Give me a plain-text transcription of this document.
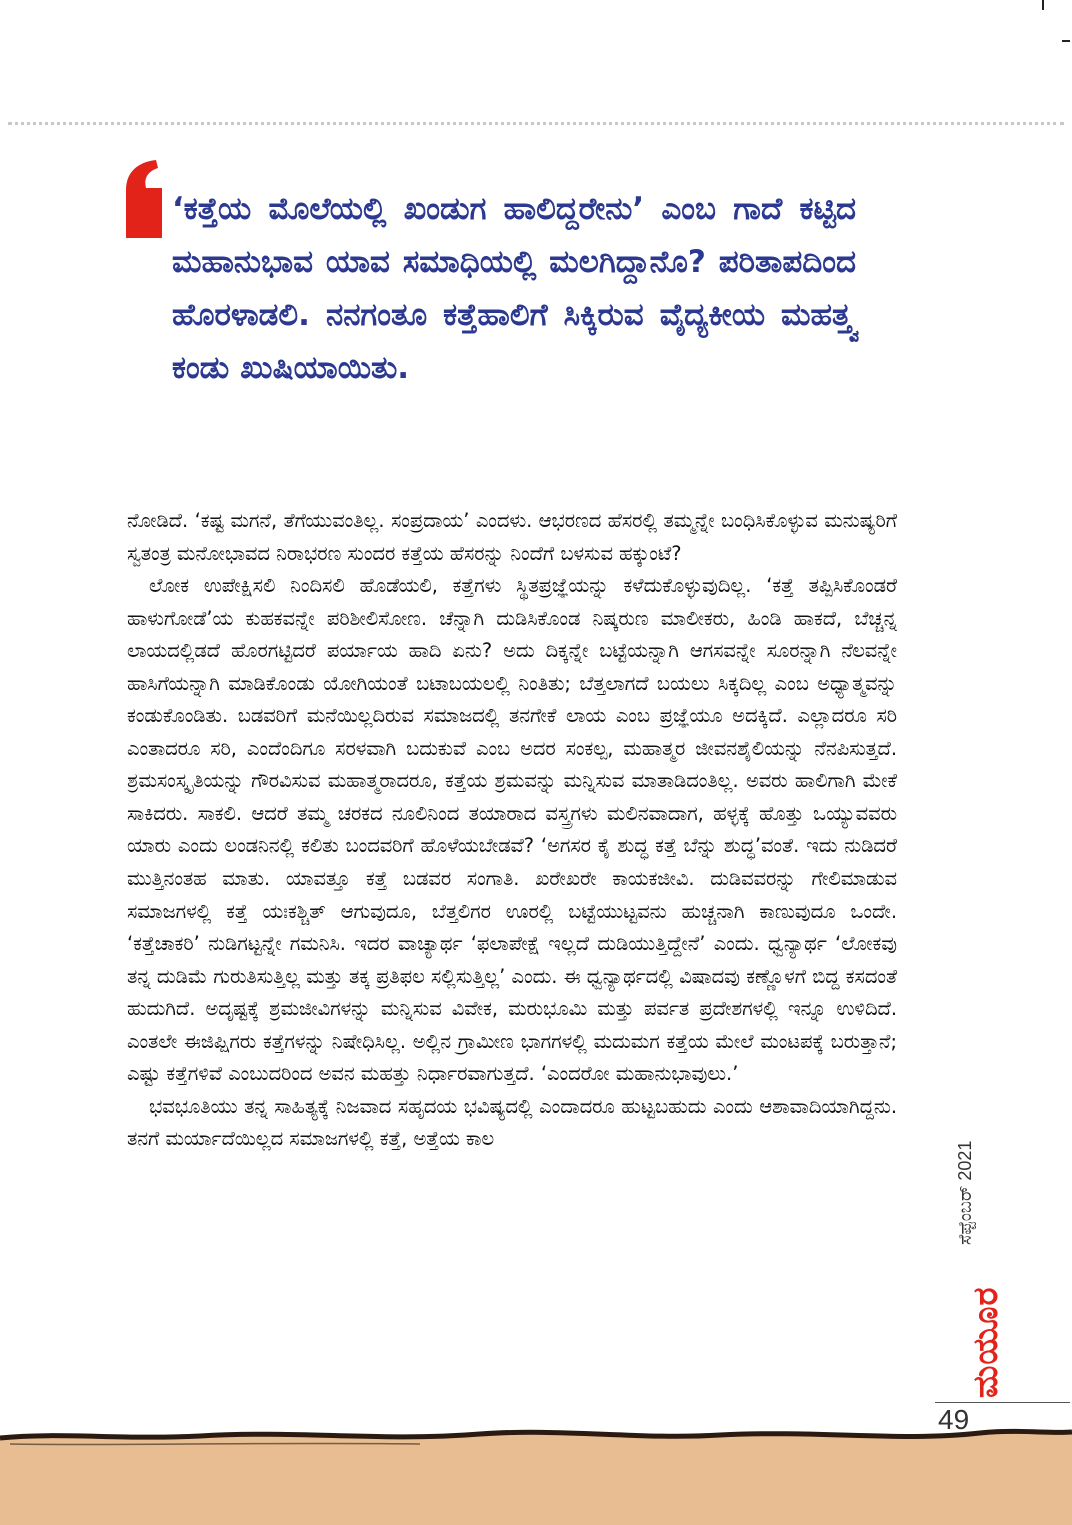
‘ಕತ್ತೆಯ ಮೊಲೆಯಲ್ಲಿ ಖಂಡುಗ ಹಾಲಿದ್ದರೇನು’ ಎಂಬ ಗಾದೆ ಕಟ್ಟಿದ ಮಹಾನುಭಾವ ಯಾವ ಸಮಾಧಿಯಲ್ಲಿ ಮಲಗಿದ್ದಾನೊ? ಪರಿತಾಪದಿಂದ ಹೊರಳಾಡಲಿ. ನನಗಂತೂ ಕತ್ತೆಹಾಲಿಗೆ ಸಿಕ್ಕಿರುವ ವೈದ್ಯಕೀಯ ಮಹತ್ತ್ವ ಕಂಡು ಖುಷಿಯಾಯಿತು.

ನೋಡಿದೆ. ‘ಕಷ್ಟ ಮಗನೆ, ತೆಗೆಯುವಂತಿಲ್ಲ. ಸಂಪ್ರದಾಯ’ ಎಂದಳು. ಆಭರಣದ ಹೆಸರಲ್ಲಿ ತಮ್ಮನ್ನೇ ಬಂಧಿಸಿಕೊಳ್ಳುವ ಮನುಷ್ಯರಿಗೆ ಸ್ವತಂತ್ರ ಮನೋಭಾವದ ನಿರಾಭರಣ ಸುಂದರ ಕತ್ತೆಯ ಹೆಸರನ್ನು ನಿಂದೆಗೆ ಬಳಸುವ ಹಕ್ಕುಂಟೆ?

ಲೋಕ ಉಪೇಕ್ಷಿಸಲಿ ನಿಂದಿಸಲಿ ಹೊಡೆಯಲಿ, ಕತ್ತೆಗಳು ಸ್ಥಿತಪ್ರಜ್ಞೆಯನ್ನು ಕಳೆದುಕೊಳ್ಳುವುದಿಲ್ಲ. ‘ಕತ್ತೆ ತಪ್ಪಿಸಿಕೊಂಡರೆ ಹಾಳುಗೋಡೆ’ಯ ಕುಹಕವನ್ನೇ ಪರಿಶೀಲಿಸೋಣ. ಚೆನ್ನಾಗಿ ದುಡಿಸಿಕೊಂಡ ನಿಷ್ಕರುಣ ಮಾಲೀಕರು, ಹಿಂಡಿ ಹಾಕದೆ, ಬೆಚ್ಚನ್ನ ಲಾಯದಲ್ಲಿಡದೆ ಹೊರಗಟ್ಟಿದರೆ ಪರ್ಯಾಯ ಹಾದಿ ಏನು? ಅದು ದಿಕ್ಕನ್ನೇ ಬಟ್ಟೆಯನ್ನಾಗಿ ಆಗಸವನ್ನೇ ಸೂರನ್ನಾಗಿ ನೆಲವನ್ನೇ ಹಾಸಿಗೆಯನ್ನಾಗಿ ಮಾಡಿಕೊಂಡು ಯೋಗಿಯಂತೆ ಬಟಾಬಯಲಲ್ಲಿ ನಿಂತಿತು; ಬೆತ್ತಲಾಗದೆ ಬಯಲು ಸಿಕ್ಕದಿಲ್ಲ ಎಂಬ ಅಧ್ಯಾತ್ಮವನ್ನು ಕಂಡುಕೊಂಡಿತು. ಬಡವರಿಗೆ ಮನೆಯಿಲ್ಲದಿರುವ ಸಮಾಜದಲ್ಲಿ ತನಗೇಕೆ ಲಾಯ ಎಂಬ ಪ್ರಜ್ಞೆಯೂ ಅದಕ್ಕಿದೆ. ಎಲ್ಲಾದರೂ ಸರಿ ಎಂತಾದರೂ ಸರಿ, ಎಂದೆಂದಿಗೂ ಸರಳವಾಗಿ ಬದುಕುವೆ ಎಂಬ ಅದರ ಸಂಕಲ್ಪ, ಮಹಾತ್ಮರ ಜೀವನಶೈಲಿಯನ್ನು ನೆನಪಿಸುತ್ತದೆ. ಶ್ರಮಸಂಸ್ಕೃತಿಯನ್ನು ಗೌರವಿಸುವ ಮಹಾತ್ಮರಾದರೂ, ಕತ್ತೆಯ ಶ್ರಮವನ್ನು ಮನ್ನಿಸುವ ಮಾತಾಡಿದಂತಿಲ್ಲ. ಅವರು ಹಾಲಿಗಾಗಿ ಮೇಕೆ ಸಾಕಿದರು. ಸಾಕಲಿ. ಆದರೆ ತಮ್ಮ ಚರಕದ ನೂಲಿನಿಂದ ತಯಾರಾದ ವಸ್ತ್ರಗಳು ಮಲಿನವಾದಾಗ, ಹಳ್ಳಕ್ಕೆ ಹೊತ್ತು ಒಯ್ಯುವವರು ಯಾರು ಎಂದು ಲಂಡನಿನಲ್ಲಿ ಕಲಿತು ಬಂದವರಿಗೆ ಹೊಳೆಯಬೇಡವೆ? ‘ಅಗಸರ ಕೈ ಶುದ್ಧ ಕತ್ತೆ ಬೆನ್ನು ಶುದ್ಧ’ವಂತೆ. ಇದು ನುಡಿದರೆ ಮುತ್ತಿನಂತಹ ಮಾತು. ಯಾವತ್ತೂ ಕತ್ತೆ ಬಡವರ ಸಂಗಾತಿ. ಖರೇಖರೇ ಕಾಯಕಜೀವಿ. ದುಡಿವವರನ್ನು ಗೇಲಿಮಾಡುವ ಸಮಾಜಗಳಲ್ಲಿ ಕತ್ತೆ ಯಃಕಶ್ಚಿತ್ ಆಗುವುದೂ, ಬೆತ್ತಲಿಗರ ಊರಲ್ಲಿ ಬಟ್ಟೆಯುಟ್ಟವನು ಹುಚ್ಚನಾಗಿ ಕಾಣುವುದೂ ಒಂದೇ. ‘ಕತ್ತೆಚಾಕರಿ’ ನುಡಿಗಟ್ಟನ್ನೇ ಗಮನಿಸಿ. ಇದರ ವಾಚ್ಯಾರ್ಥ ‘ಫಲಾಪೇಕ್ಷೆ ಇಲ್ಲದೆ ದುಡಿಯುತ್ತಿದ್ದೇನೆ’ ಎಂದು. ಧ್ವನ್ಯಾರ್ಥ ‘ಲೋಕವು ತನ್ನ ದುಡಿಮೆ ಗುರುತಿಸುತ್ತಿಲ್ಲ ಮತ್ತು ತಕ್ಕ ಪ್ರತಿಫಲ ಸಲ್ಲಿಸುತ್ತಿಲ್ಲ’ ಎಂದು. ಈ ಧ್ವನ್ಯಾರ್ಥದಲ್ಲಿ ವಿಷಾದವು ಕಣ್ಣೊಳಗೆ ಬಿದ್ದ ಕಸದಂತೆ ಹುದುಗಿದೆ. ಅದೃಷ್ಟಕ್ಕೆ ಶ್ರಮಜೀವಿಗಳನ್ನು ಮನ್ನಿಸುವ ವಿವೇಕ, ಮರುಭೂಮಿ ಮತ್ತು ಪರ್ವತ ಪ್ರದೇಶಗಳಲ್ಲಿ ಇನ್ನೂ ಉಳಿದಿದೆ. ಎಂತಲೇ ಈಜಿಪ್ಷಿಗರು ಕತ್ತೆಗಳನ್ನು ನಿಷೇಧಿಸಿಲ್ಲ. ಅಲ್ಲಿನ ಗ್ರಾಮೀಣ ಭಾಗಗಳಲ್ಲಿ ಮದುಮಗ ಕತ್ತೆಯ ಮೇಲೆ ಮಂಟಪಕ್ಕೆ ಬರುತ್ತಾನೆ; ಎಷ್ಟು ಕತ್ತೆಗಳಿವೆ ಎಂಬುದರಿಂದ ಅವನ ಮಹತ್ತು ನಿರ್ಧಾರವಾಗುತ್ತದೆ. ‘ಎಂದರೋ ಮಹಾನುಭಾವುಲು.’

ಭವಭೂತಿಯು ತನ್ನ ಸಾಹಿತ್ಯಕ್ಕೆ ನಿಜವಾದ ಸಹೃದಯ ಭವಿಷ್ಯದಲ್ಲಿ ಎಂದಾದರೂ ಹುಟ್ಟಬಹುದು ಎಂದು ಆಶಾವಾದಿಯಾಗಿದ್ದನು. ತನಗೆ ಮರ್ಯಾದೆಯಿಲ್ಲದ ಸಮಾಜಗಳಲ್ಲಿ ಕತ್ತೆ, ಅತ್ತೆಯ ಕಾಲ

ಸೆಪ್ಟೆಂಬರ್ 2021
ಮಯೂರ
49
